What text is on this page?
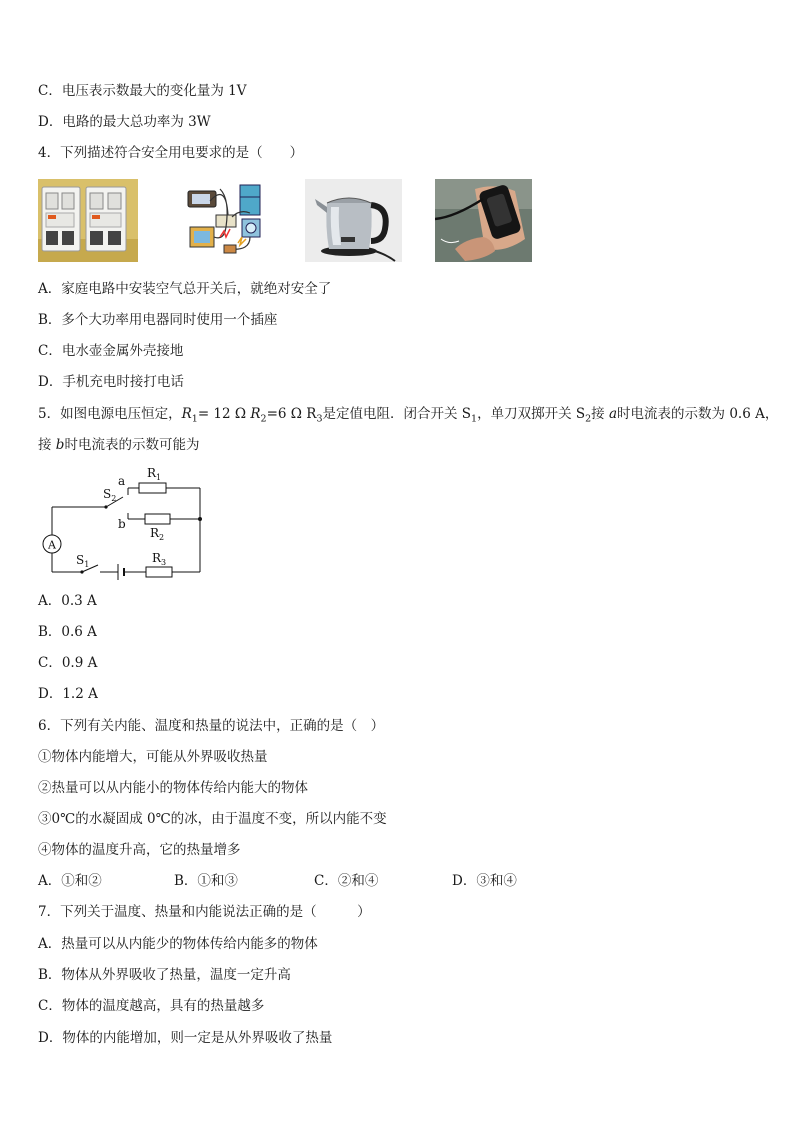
C．电压表示数最大的变化量为 1V
D．电路的最大总功率为 3W
4．下列描述符合安全用电要求的是（　　）
A．家庭电路中安装空气总开关后，就绝对安全了
B．多个大功率用电器同时使用一个插座
C．电水壶金属外壳接地
D．手机充电时接打电话
5．如图电源电压恒定，$R_1= 12$ Ω $R_2=6$ Ω $R_3$是定值电阻．闭合开关 $S_1$，单刀双掷开关 $S_2$接 a时电流表的示数为 0.6 A，
接 b时电流表的示数可能为
A
a
b
$R_1$
$R_2$
$R_3$
$S_2$
$S_1$
A．0.3 A
B．0.6 A
C．0.9 A
D．1.2 A
6．下列有关内能、温度和热量的说法中，正确的是（　）
①物体内能增大，可能从外界吸收热量
②热量可以从内能小的物体传给内能大的物体
③0℃的水凝固成 0℃的冰，由于温度不变，所以内能不变
④物体的温度升高，它的热量增多
A．①和②	B．①和③	C．②和④	D．③和④
7．下列关于温度、热量和内能说法正确的是（　　　）
A．热量可以从内能少的物体传给内能多的物体
B．物体从外界吸收了热量，温度一定升高
C．物体的温度越高，具有的热量越多
D．物体的内能增加，则一定是从外界吸收了热量
